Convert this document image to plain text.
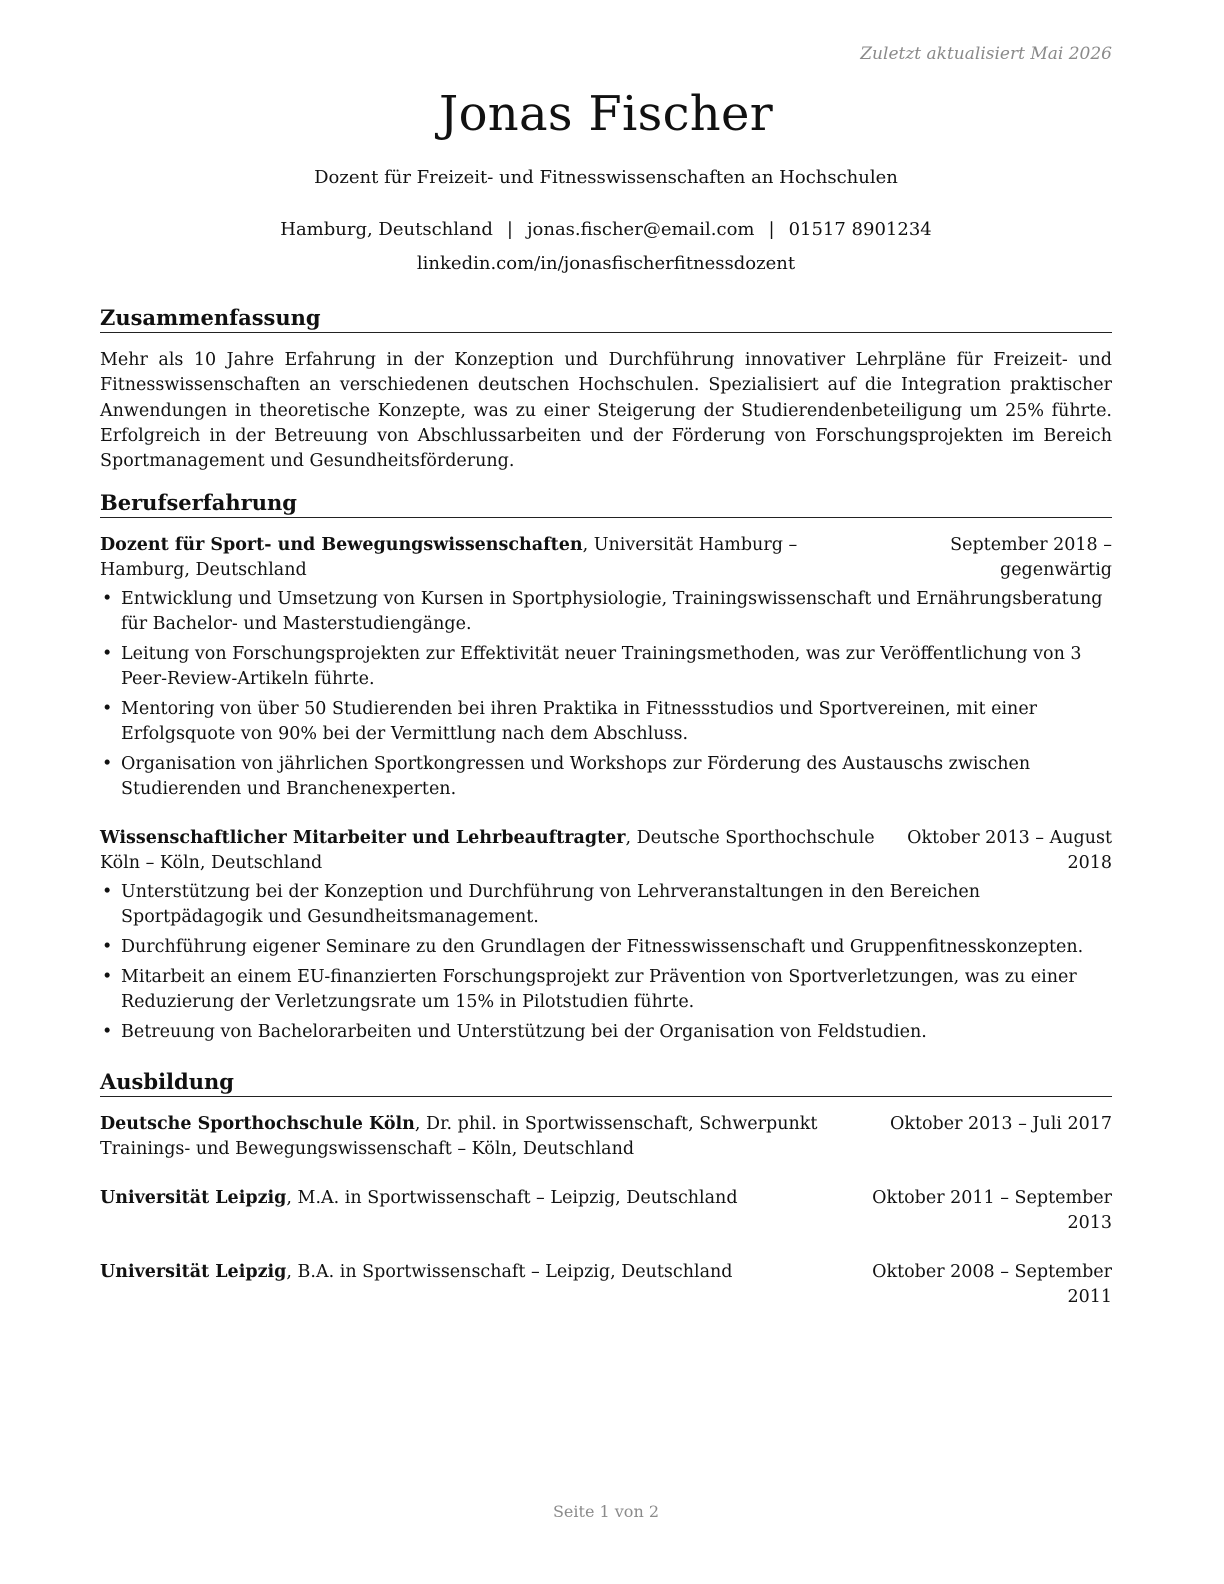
Zuletzt aktualisiert Mai 2026
Jonas Fischer
Dozent für Freizeit- und Fitnesswissenschaften an Hochschulen
Hamburg, Deutschland | jonas.fischer@email.com | 01517 8901234
linkedin.com/in/jonasfischerfitnessdozent
Zusammenfassung
Mehr als 10 Jahre Erfahrung in der Konzeption und Durchführung innovativer Lehrpläne für Freizeit- und Fitnesswissenschaften an verschiedenen deutschen Hochschulen. Spezialisiert auf die Integration praktischer Anwendungen in theoretische Konzepte, was zu einer Steigerung der Studierendenbeteiligung um 25% führte. Erfolgreich in der Betreuung von Abschlussarbeiten und der Förderung von Forschungsprojekten im Bereich Sportmanagement und Gesundheitsförderung.
Berufserfahrung
Dozent für Sport- und Bewegungswissenschaften, Universität Hamburg – Hamburg, Deutschland
September 2018 – gegenwärtig
• Entwicklung und Umsetzung von Kursen in Sportphysiologie, Trainingswissenschaft und Ernährungsberatung für Bachelor- und Masterstudiengänge.
• Leitung von Forschungsprojekten zur Effektivität neuer Trainingsmethoden, was zur Veröffentlichung von 3 Peer-Review-Artikeln führte.
• Mentoring von über 50 Studierenden bei ihren Praktika in Fitnessstudios und Sportvereinen, mit einer Erfolgsquote von 90% bei der Vermittlung nach dem Abschluss.
• Organisation von jährlichen Sportkongressen und Workshops zur Förderung des Austauschs zwischen Studierenden und Branchenexperten.
Wissenschaftlicher Mitarbeiter und Lehrbeauftragter, Deutsche Sporthochschule Köln – Köln, Deutschland
Oktober 2013 – August 2018
• Unterstützung bei der Konzeption und Durchführung von Lehrveranstaltungen in den Bereichen Sportpädagogik und Gesundheitsmanagement.
• Durchführung eigener Seminare zu den Grundlagen der Fitnesswissenschaft und Gruppenfitnesskonzepten.
• Mitarbeit an einem EU-finanzierten Forschungsprojekt zur Prävention von Sportverletzungen, was zu einer Reduzierung der Verletzungsrate um 15% in Pilotstudien führte.
• Betreuung von Bachelorarbeiten und Unterstützung bei der Organisation von Feldstudien.
Ausbildung
Deutsche Sporthochschule Köln, Dr. phil. in Sportwissenschaft, Schwerpunkt Trainings- und Bewegungswissenschaft – Köln, Deutschland
Oktober 2013 – Juli 2017
Universität Leipzig, M.A. in Sportwissenschaft – Leipzig, Deutschland	Oktober 2011 – September 2013
Universität Leipzig, B.A. in Sportwissenschaft – Leipzig, Deutschland	Oktober 2008 – September 2011
Seite 1 von 2
